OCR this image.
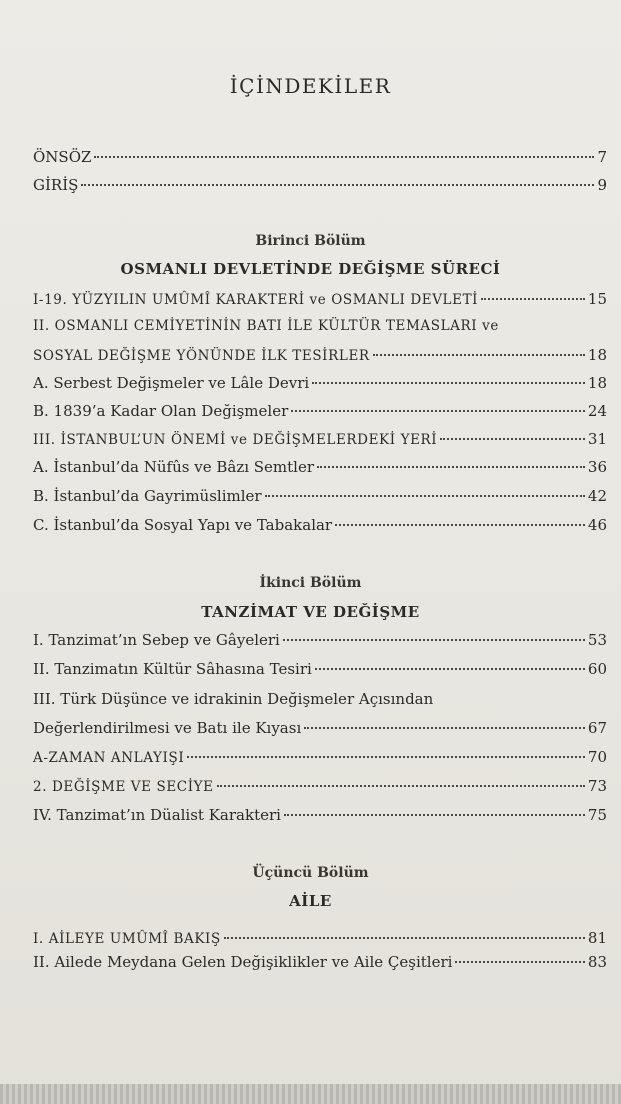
İÇİNDEKİLER
ÖNSÖZ	7
GİRİŞ	9
Birinci Bölüm
OSMANLI DEVLETİNDE DEĞİŞME SÜRECİ
I-19. YÜZYILIN UMÛMÎ KARAKTERİ ve OSMANLI DEVLETİ	15
II. OSMANLI CEMİYETİNİN BATI İLE KÜLTÜR TEMASLARI ve
SOSYAL DEĞİŞME YÖNÜNDE İLK TESİRLER	18
A. Serbest Değişmeler ve Lâle Devri	18
B. 1839’a Kadar Olan Değişmeler	24
III. İSTANBUL’UN ÖNEMİ ve DEĞİŞMELERDEKİ YERİ	31
A. İstanbul’da Nüfûs ve Bâzı Semtler	36
B. İstanbul’da Gayrimüslimler	42
C. İstanbul’da Sosyal Yapı ve Tabakalar	46
İkinci Bölüm
TANZİMAT VE DEĞİŞME
I. Tanzimat’ın Sebep ve Gâyeleri	53
II. Tanzimatın Kültür Sâhasına Tesiri	60
III. Türk Düşünce ve idrakinin Değişmeler Açısından
Değerlendirilmesi ve Batı ile Kıyası	67
A-ZAMAN ANLAYIŞI	70
2. DEĞİŞME VE SECİYE	73
IV. Tanzimat’ın Düalist Karakteri	75
Üçüncü Bölüm
AİLE
I. AİLEYE UMÛMÎ BAKIŞ	81
II. Ailede Meydana Gelen Değişiklikler ve Aile Çeşitleri	83
